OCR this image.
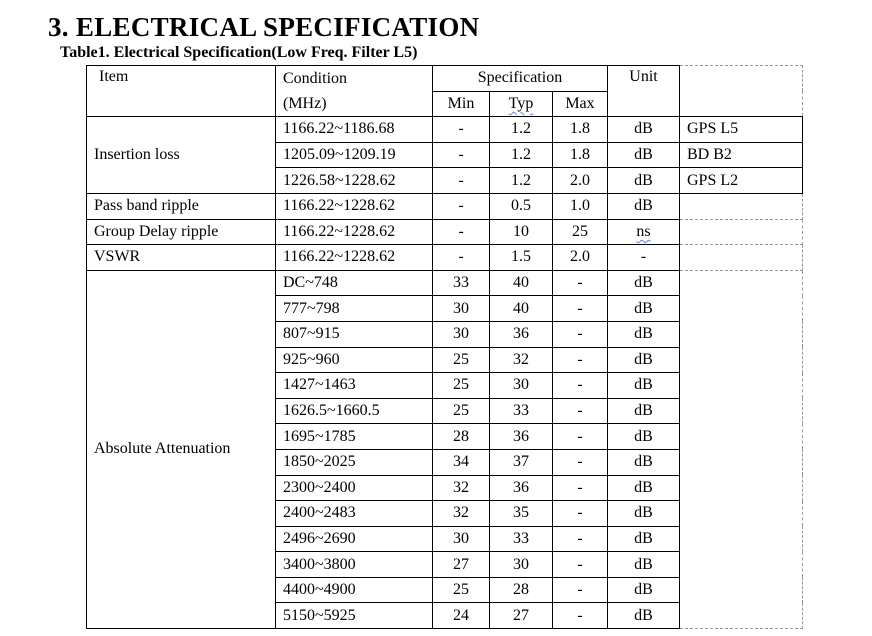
3. ELECTRICAL SPECIFICATION
Table1. Electrical Specification(Low Freq. Filter L5)
Item	Condition	Specification			Unit	
	(MHz)	Min	Typ	Max		
Insertion loss	1166.22~1186.68	-	1.2	1.8	dB	GPS L5
	1205.09~1209.19	-	1.2	1.8	dB	BD B2
	1226.58~1228.62	-	1.2	2.0	dB	GPS L2
Pass band ripple	1166.22~1228.62	-	0.5	1.0	dB	
Group Delay ripple	1166.22~1228.62	-	10	25	ns	
VSWR	1166.22~1228.62	-	1.5	2.0	-	
Absolute Attenuation	DC~748	33	40	-	dB	
	777~798	30	40	-	dB	
	807~915	30	36	-	dB	
	925~960	25	32	-	dB	
	1427~1463	25	30	-	dB	
	1626.5~1660.5	25	33	-	dB	
	1695~1785	28	36	-	dB	
	1850~2025	34	37	-	dB	
	2300~2400	32	36	-	dB	
	2400~2483	32	35	-	dB	
	2496~2690	30	33	-	dB	
	3400~3800	27	30	-	dB	
	4400~4900	25	28	-	dB	
	5150~5925	24	27	-	dB	
